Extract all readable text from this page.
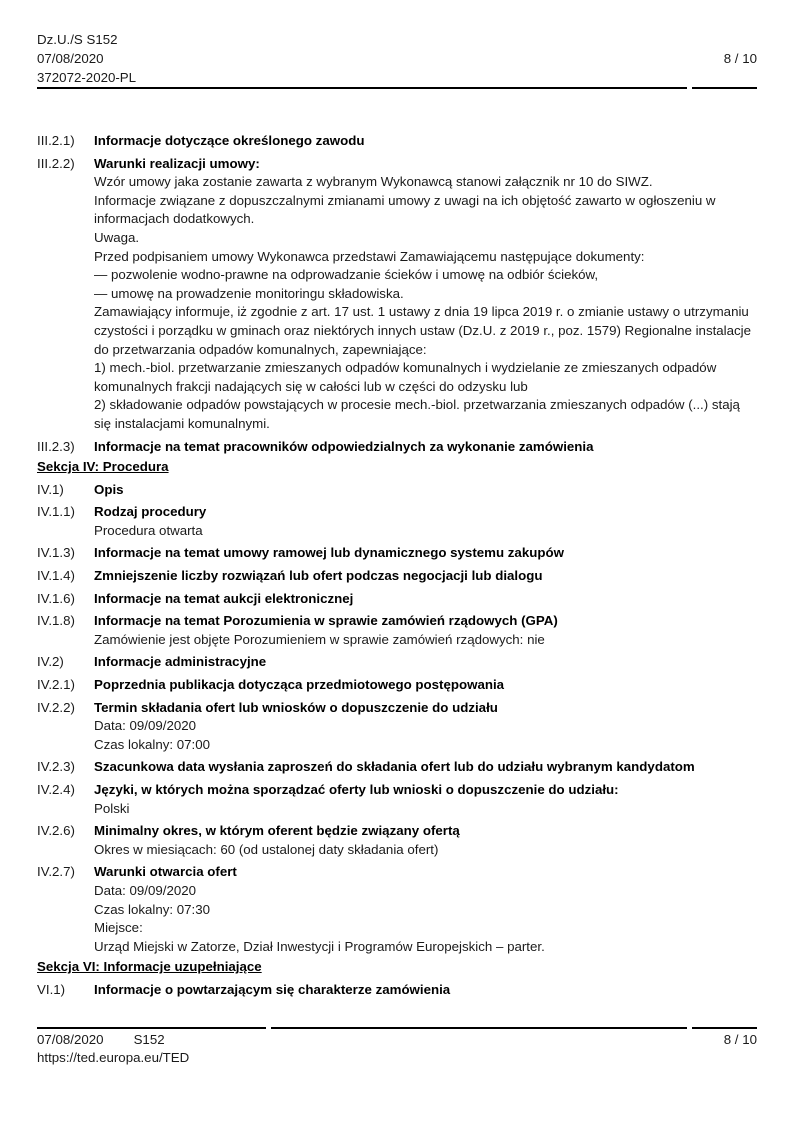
Dz.U./S S152
07/08/2020	8 / 10
372072-2020-PL
III.2.1)	Informacje dotyczące określonego zawodu
III.2.2)	Warunki realizacji umowy:
Wzór umowy jaka zostanie zawarta z wybranym Wykonawcą stanowi załącznik nr 10 do SIWZ.
Informacje związane z dopuszczalnymi zmianami umowy z uwagi na ich objętość zawarto w ogłoszeniu w informacjach dodatkowych.
Uwaga.
Przed podpisaniem umowy Wykonawca przedstawi Zamawiającemu następujące dokumenty:
— pozwolenie wodno-prawne na odprowadzanie ścieków i umowę na odbiór ścieków,
— umowę na prowadzenie monitoringu składowiska.
Zamawiający informuje, iż zgodnie z art. 17 ust. 1 ustawy z dnia 19 lipca 2019 r. o zmianie ustawy o utrzymaniu czystości i porządku w gminach oraz niektórych innych ustaw (Dz.U. z 2019 r., poz. 1579) Regionalne instalacje do przetwarzania odpadów komunalnych, zapewniające:
1) mech.-biol. przetwarzanie zmieszanych odpadów komunalnych i wydzielanie ze zmieszanych odpadów komunalnych frakcji nadających się w całości lub w części do odzysku lub
2) składowanie odpadów powstających w procesie mech.-biol. przetwarzania zmieszanych odpadów (...) stają się instalacjami komunalnymi.
III.2.3)	Informacje na temat pracowników odpowiedzialnych za wykonanie zamówienia
Sekcja IV: Procedura
IV.1)	Opis
IV.1.1)	Rodzaj procedury
Procedura otwarta
IV.1.3)	Informacje na temat umowy ramowej lub dynamicznego systemu zakupów
IV.1.4)	Zmniejszenie liczby rozwiązań lub ofert podczas negocjacji lub dialogu
IV.1.6)	Informacje na temat aukcji elektronicznej
IV.1.8)	Informacje na temat Porozumienia w sprawie zamówień rządowych (GPA)
Zamówienie jest objęte Porozumieniem w sprawie zamówień rządowych: nie
IV.2)	Informacje administracyjne
IV.2.1)	Poprzednia publikacja dotycząca przedmiotowego postępowania
IV.2.2)	Termin składania ofert lub wniosków o dopuszczenie do udziału
Data: 09/09/2020
Czas lokalny: 07:00
IV.2.3)	Szacunkowa data wysłania zaproszeń do składania ofert lub do udziału wybranym kandydatom
IV.2.4)	Języki, w których można sporządzać oferty lub wnioski o dopuszczenie do udziału:
Polski
IV.2.6)	Minimalny okres, w którym oferent będzie związany ofertą
Okres w miesiącach: 60 (od ustalonej daty składania ofert)
IV.2.7)	Warunki otwarcia ofert
Data: 09/09/2020
Czas lokalny: 07:30
Miejsce:
Urząd Miejski w Zatorze, Dział Inwestycji i Programów Europejskich – parter.
Sekcja VI: Informacje uzupełniające
VI.1)	Informacje o powtarzającym się charakterze zamówienia
07/08/2020 S152	8 / 10
https://ted.europa.eu/TED
